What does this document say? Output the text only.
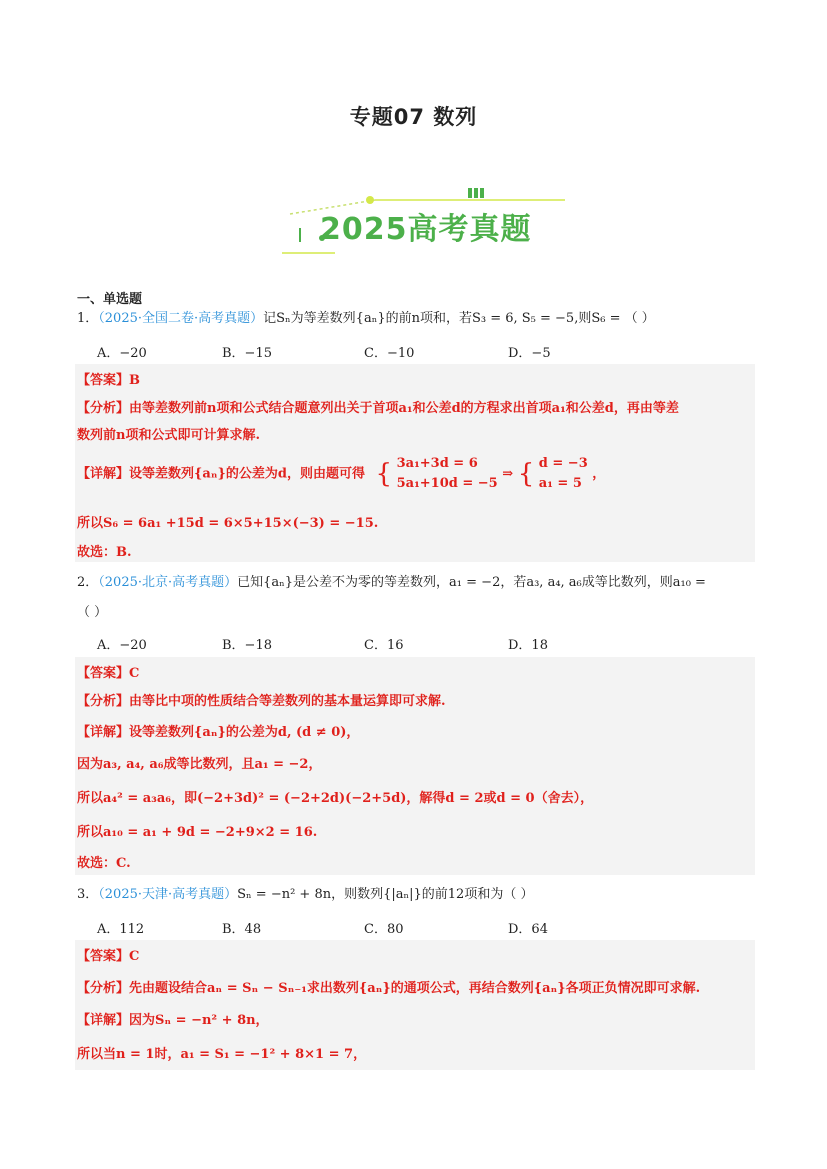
专题07 数列
2025高考真题
一、单选题
1．（2025·全国二卷·高考真题）记Sₙ为等差数列{aₙ}的前n项和，若S₃ = 6, S₅ = −5,则S₆ = （ ）
A．−20	B．−15	C．−10	D．−5
【答案】B
【分析】由等差数列前n项和公式结合题意列出关于首项a₁和公差d的方程求出首项a₁和公差d，再由等差
数列前n项和公式即可计算求解.
【详解】设等差数列{aₙ}的公差为d，则由题可得 { 3a₁+3d = 6
5a₁+10d = −5
⇒ { d = −3
a₁ = 5
，
所以S₆ = 6a₁ +15d = 6×5+15×(−3) = −15.
故选：B.
2．（2025·北京·高考真题）已知{aₙ}是公差不为零的等差数列，a₁ = −2，若a₃, a₄, a₆成等比数列，则a₁₀ =
（ ）
A．−20	B．−18	C．16	D．18
【答案】C
【分析】由等比中项的性质结合等差数列的基本量运算即可求解.
【详解】设等差数列{aₙ}的公差为d, (d ≠ 0)，
因为a₃, a₄, a₆成等比数列，且a₁ = −2，
所以a₄² = a₃a₆，即(−2+3d)² = (−2+2d)(−2+5d)，解得d = 2或d = 0（舍去），
所以a₁₀ = a₁ + 9d = −2+9×2 = 16.
故选：C.
3．（2025·天津·高考真题）Sₙ = −n² + 8n，则数列{|aₙ|}的前12项和为（ ）
A．112	B．48	C．80	D．64
【答案】C
【分析】先由题设结合aₙ = Sₙ − Sₙ₋₁求出数列{aₙ}的通项公式，再结合数列{aₙ}各项正负情况即可求解.
【详解】因为Sₙ = −n² + 8n，
所以当n = 1时，a₁ = S₁ = −1² + 8×1 = 7，
